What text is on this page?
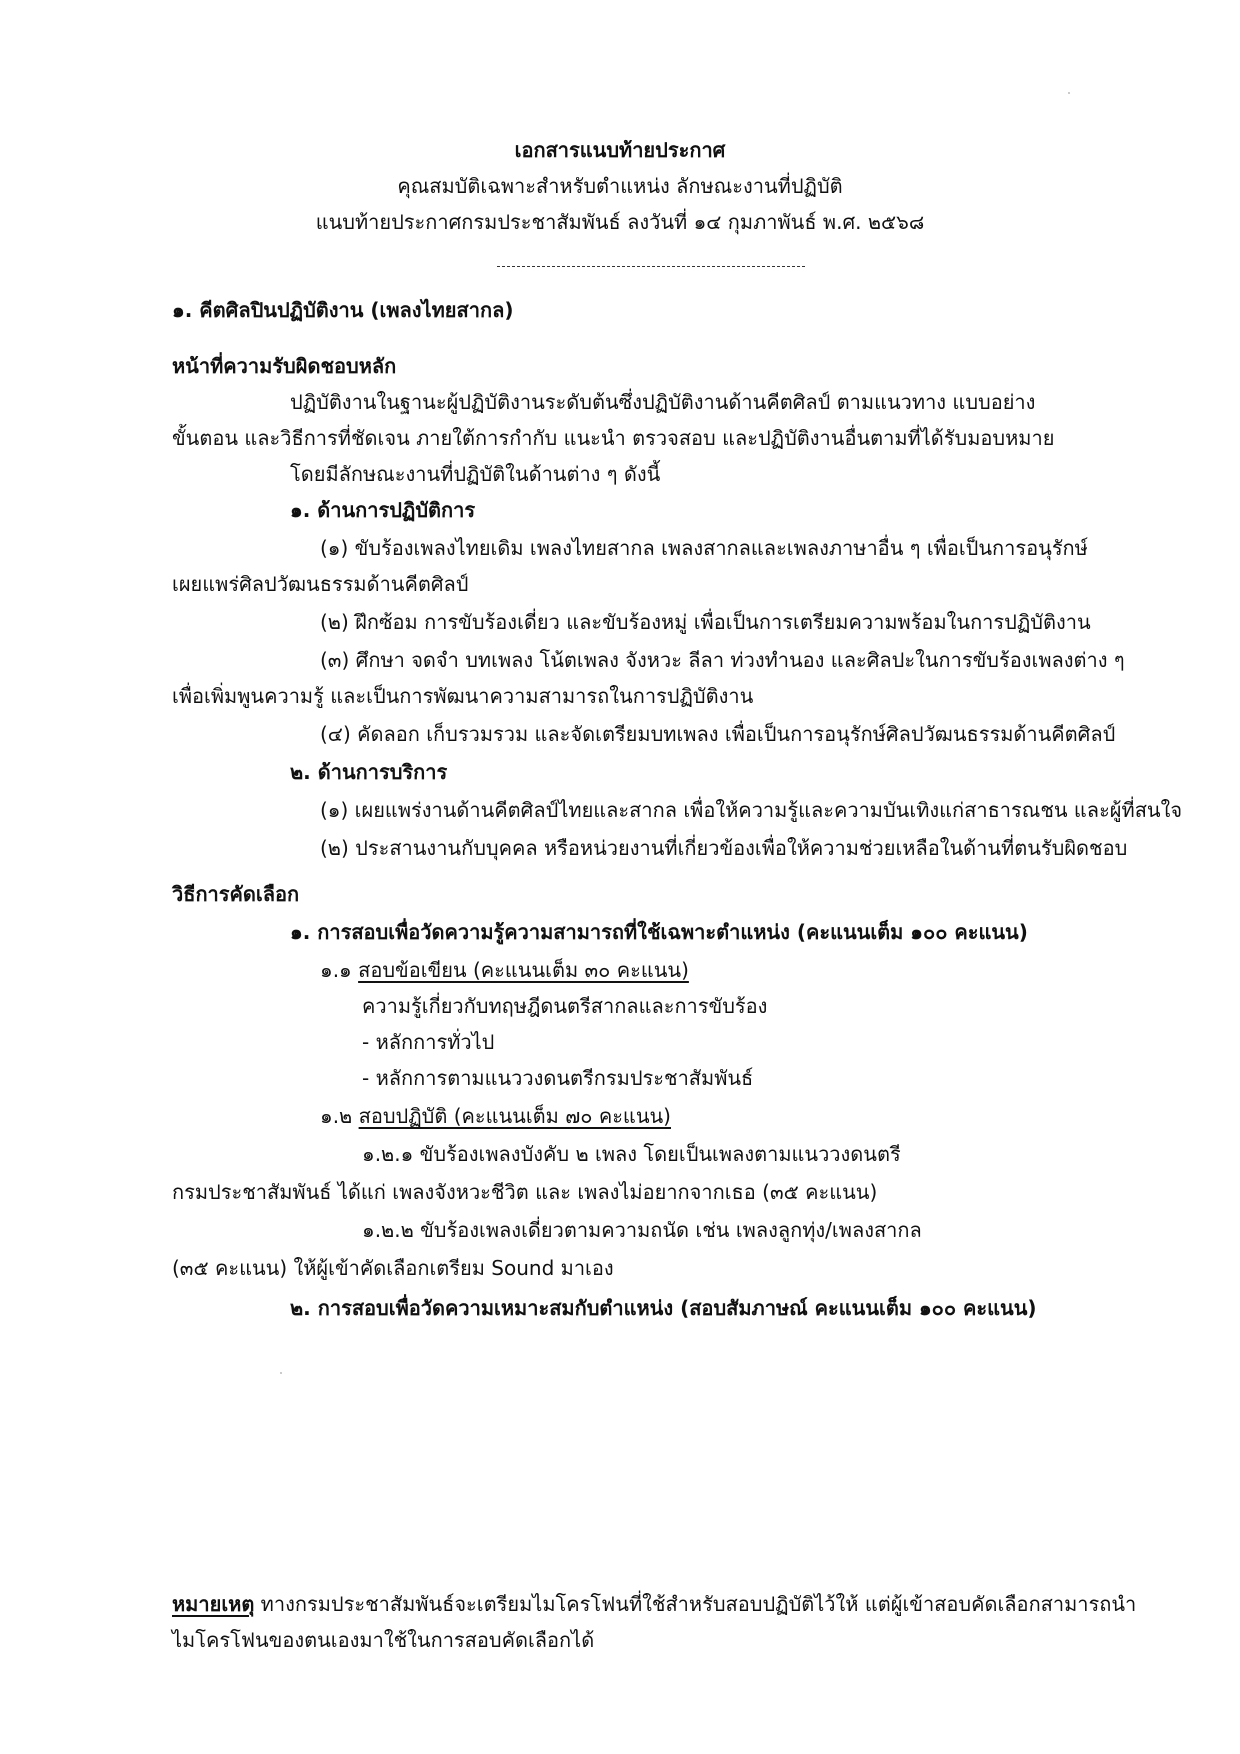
เอกสารแนบท้ายประกาศ
คุณสมบัติเฉพาะสำหรับตำแหน่ง ลักษณะงานที่ปฏิบัติ
แนบท้ายประกาศกรมประชาสัมพันธ์ ลงวันที่ ๑๔ กุมภาพันธ์ พ.ศ. ๒๕๖๘
๑. คีตศิลปินปฏิบัติงาน (เพลงไทยสากล)
หน้าที่ความรับผิดชอบหลัก
ปฏิบัติงานในฐานะผู้ปฏิบัติงานระดับต้นซึ่งปฏิบัติงานด้านคีตศิลป์ ตามแนวทาง แบบอย่าง
ขั้นตอน และวิธีการที่ชัดเจน ภายใต้การกำกับ แนะนำ ตรวจสอบ และปฏิบัติงานอื่นตามที่ได้รับมอบหมาย
โดยมีลักษณะงานที่ปฏิบัติในด้านต่าง ๆ ดังนี้
๑. ด้านการปฏิบัติการ
(๑) ขับร้องเพลงไทยเดิม เพลงไทยสากล เพลงสากลและเพลงภาษาอื่น ๆ เพื่อเป็นการอนุรักษ์
เผยแพร่ศิลปวัฒนธรรมด้านคีตศิลป์
(๒) ฝึกซ้อม การขับร้องเดี่ยว และขับร้องหมู่ เพื่อเป็นการเตรียมความพร้อมในการปฏิบัติงาน
(๓) ศึกษา จดจำ บทเพลง โน้ตเพลง จังหวะ ลีลา ท่วงทำนอง และศิลปะในการขับร้องเพลงต่าง ๆ
เพื่อเพิ่มพูนความรู้ และเป็นการพัฒนาความสามารถในการปฏิบัติงาน
(๔) คัดลอก เก็บรวมรวม และจัดเตรียมบทเพลง เพื่อเป็นการอนุรักษ์ศิลปวัฒนธรรมด้านคีตศิลป์
๒. ด้านการบริการ
(๑) เผยแพร่งานด้านคีตศิลป์ไทยและสากล เพื่อให้ความรู้และความบันเทิงแก่สาธารณชน และผู้ที่สนใจ
(๒) ประสานงานกับบุคคล หรือหน่วยงานที่เกี่ยวข้องเพื่อให้ความช่วยเหลือในด้านที่ตนรับผิดชอบ
วิธีการคัดเลือก
๑. การสอบเพื่อวัดความรู้ความสามารถที่ใช้เฉพาะตำแหน่ง (คะแนนเต็ม ๑๐๐ คะแนน)
๑.๑ สอบข้อเขียน (คะแนนเต็ม ๓๐ คะแนน)
ความรู้เกี่ยวกับทฤษฎีดนตรีสากลและการขับร้อง
- หลักการทั่วไป
- หลักการตามแนววงดนตรีกรมประชาสัมพันธ์
๑.๒ สอบปฏิบัติ (คะแนนเต็ม ๗๐ คะแนน)
๑.๒.๑ ขับร้องเพลงบังคับ ๒ เพลง โดยเป็นเพลงตามแนววงดนตรี
กรมประชาสัมพันธ์ ได้แก่ เพลงจังหวะชีวิต และ เพลงไม่อยากจากเธอ (๓๕ คะแนน)
๑.๒.๒ ขับร้องเพลงเดี่ยวตามความถนัด เช่น เพลงลูกทุ่ง/เพลงสากล
(๓๕ คะแนน) ให้ผู้เข้าคัดเลือกเตรียม Sound มาเอง
๒. การสอบเพื่อวัดความเหมาะสมกับตำแหน่ง (สอบสัมภาษณ์ คะแนนเต็ม ๑๐๐ คะแนน)
หมายเหตุ ทางกรมประชาสัมพันธ์จะเตรียมไมโครโฟนที่ใช้สำหรับสอบปฏิบัติไว้ให้ แต่ผู้เข้าสอบคัดเลือกสามารถนำ
ไมโครโฟนของตนเองมาใช้ในการสอบคัดเลือกได้
